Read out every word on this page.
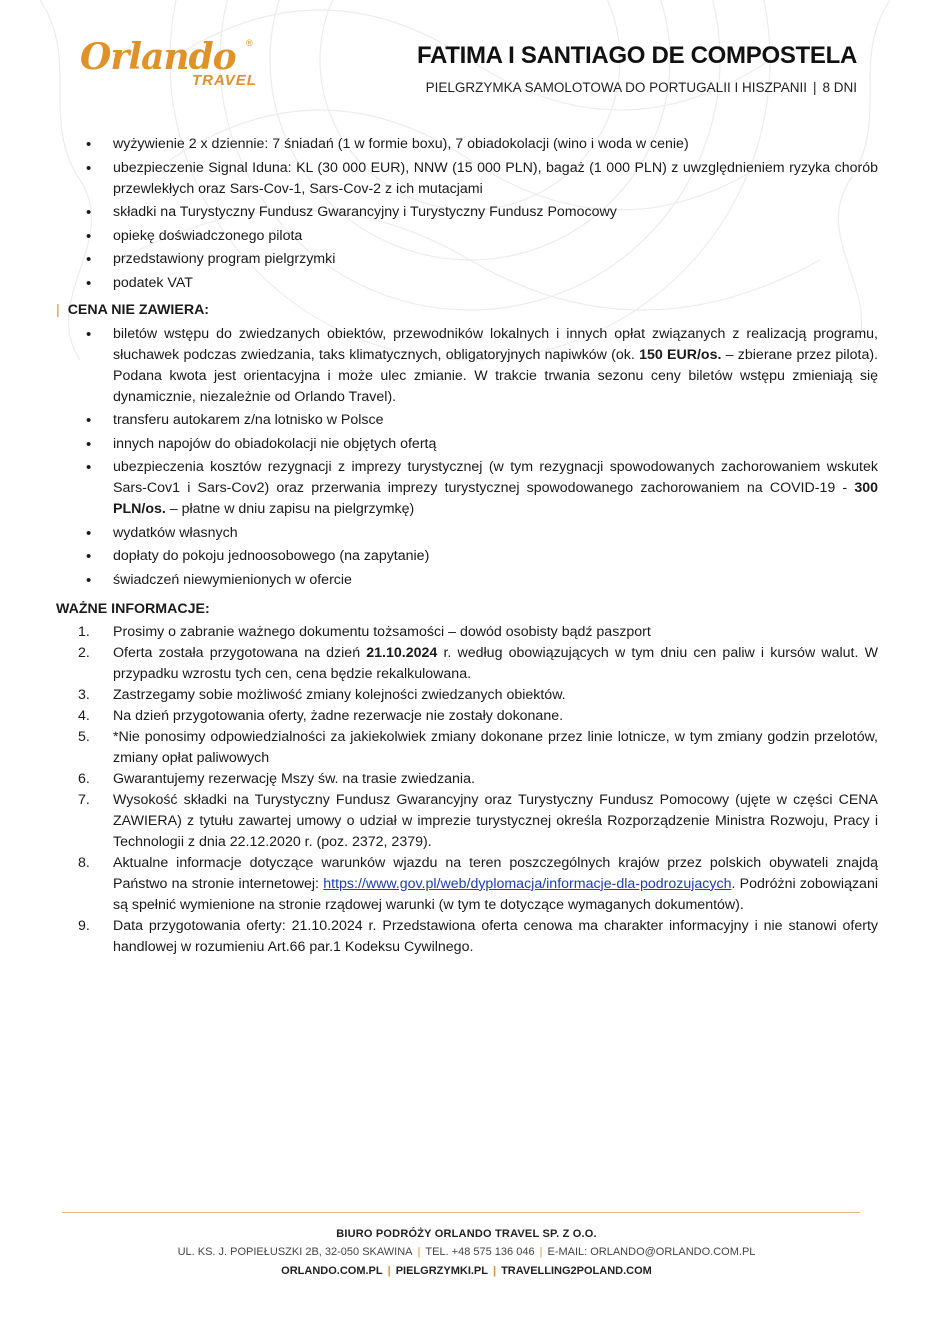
Orlando ®
TRAVEL
FATIMA I SANTIAGO DE COMPOSTELA
PIELGRZYMKA SAMOLOTOWA DO PORTUGALII I HISZPANII | 8 DNI
• wyżywienie 2 x dziennie: 7 śniadań (1 w formie boxu), 7 obiadokolacji (wino i woda w cenie)
• ubezpieczenie Signal Iduna: KL (30 000 EUR), NNW (15 000 PLN), bagaż (1 000 PLN) z uwzględnieniem ryzyka chorób przewlekłych oraz Sars-Cov-1, Sars-Cov-2 z ich mutacjami
• składki na Turystyczny Fundusz Gwarancyjny i Turystyczny Fundusz Pomocowy
• opiekę doświadczonego pilota
• przedstawiony program pielgrzymki
• podatek VAT
| CENA NIE ZAWIERA:
• biletów wstępu do zwiedzanych obiektów, przewodników lokalnych i innych opłat związanych z realizacją programu, słuchawek podczas zwiedzania, taks klimatycznych, obligatoryjnych napiwków (ok. 150 EUR/os. – zbierane przez pilota). Podana kwota jest orientacyjna i może ulec zmianie. W trakcie trwania sezonu ceny biletów wstępu zmieniają się dynamicznie, niezależnie od Orlando Travel).
• transferu autokarem z/na lotnisko w Polsce
• innych napojów do obiadokolacji nie objętych ofertą
• ubezpieczenia kosztów rezygnacji z imprezy turystycznej (w tym rezygnacji spowodowanych zachorowaniem wskutek Sars-Cov1 i Sars-Cov2) oraz przerwania imprezy turystycznej spowodowanego zachorowaniem na COVID-19 - 300 PLN/os. – płatne w dniu zapisu na pielgrzymkę)
• wydatków własnych
• dopłaty do pokoju jednoosobowego (na zapytanie)
• świadczeń niewymienionych w ofercie
WAŻNE INFORMACJE:
1. Prosimy o zabranie ważnego dokumentu tożsamości – dowód osobisty bądź paszport
2. Oferta została przygotowana na dzień 21.10.2024 r. według obowiązujących w tym dniu cen paliw i kursów walut. W przypadku wzrostu tych cen, cena będzie rekalkulowana.
3. Zastrzegamy sobie możliwość zmiany kolejności zwiedzanych obiektów.
4. Na dzień przygotowania oferty, żadne rezerwacje nie zostały dokonane.
5. *Nie ponosimy odpowiedzialności za jakiekolwiek zmiany dokonane przez linie lotnicze, w tym zmiany godzin przelotów, zmiany opłat paliwowych
6. Gwarantujemy rezerwację Mszy św. na trasie zwiedzania.
7. Wysokość składki na Turystyczny Fundusz Gwarancyjny oraz Turystyczny Fundusz Pomocowy (ujęte w części CENA ZAWIERA) z tytułu zawartej umowy o udział w imprezie turystycznej określa Rozporządzenie Ministra Rozwoju, Pracy i Technologii z dnia 22.12.2020 r. (poz. 2372, 2379).
8. Aktualne informacje dotyczące warunków wjazdu na teren poszczególnych krajów przez polskich obywateli znajdą Państwo na stronie internetowej: https://www.gov.pl/web/dyplomacja/informacje-dla-podrozujacych. Podróżni zobowiązani są spełnić wymienione na stronie rządowej warunki (w tym te dotyczące wymaganych dokumentów).
9. Data przygotowania oferty: 21.10.2024 r. Przedstawiona oferta cenowa ma charakter informacyjny i nie stanowi oferty handlowej w rozumieniu Art.66 par.1 Kodeksu Cywilnego.
BIURO PODRÓŻY ORLANDO TRAVEL SP. Z O.O.
UL. KS. J. POPIEŁUSZKI 2B, 32-050 SKAWINA | TEL. +48 575 136 046 | E-MAIL: ORLANDO@ORLANDO.COM.PL
ORLANDO.COM.PL | PIELGRZYMKI.PL | TRAVELLING2POLAND.COM
